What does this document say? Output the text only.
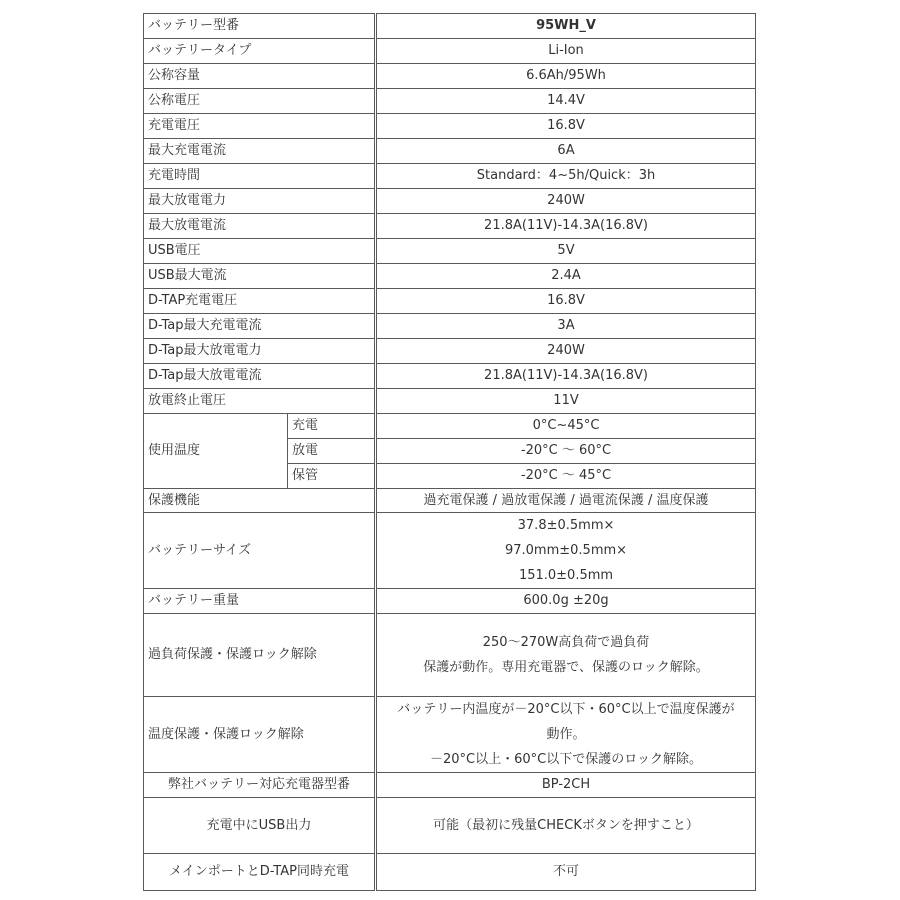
バッテリー型番		95WH_V
バッテリータイプ		Li-Ion
公称容量		6.6Ah/95Wh
公称電圧		14.4V
充電電圧		16.8V
最大充電電流		6A
充電時間		Standard：4~5h/Quick：3h
最大放電電力		240W
最大放電電流		21.8A(11V)-14.3A(16.8V)
USB電圧		5V
USB最大電流		2.4A
D-TAP充電電圧		16.8V
D-Tap最大充電電流		3A
D-Tap最大放電電力		240W
D-Tap最大放電電流		21.8A(11V)-14.3A(16.8V)
放電終止電圧		11V
使用温度	充電	0°C~45°C
	放電	-20°C ～ 60°C
	保管	-20°C ～ 45°C
保護機能		過充電保護 / 過放電保護 / 過電流保護 / 温度保護
バッテリーサイズ		37.8±0.5mm×
97.0mm±0.5mm×
151.0±0.5mm

バッテリー重量		600.0g ±20g
過負荷保護・保護ロック解除		250～270W高負荷で過負荷
保護が動作。専用充電器で、保護のロック解除。

温度保護・保護ロック解除		バッテリー内温度が－20°C以下・60°C以上で温度保護が
動作。
－20°C以上・60°C以下で保護のロック解除。

弊社バッテリー対応充電器型番		BP-2CH
充電中にUSB出力		可能（最初に残量CHECKボタンを押すこと）
メインポートとD-TAP同時充電		不可
